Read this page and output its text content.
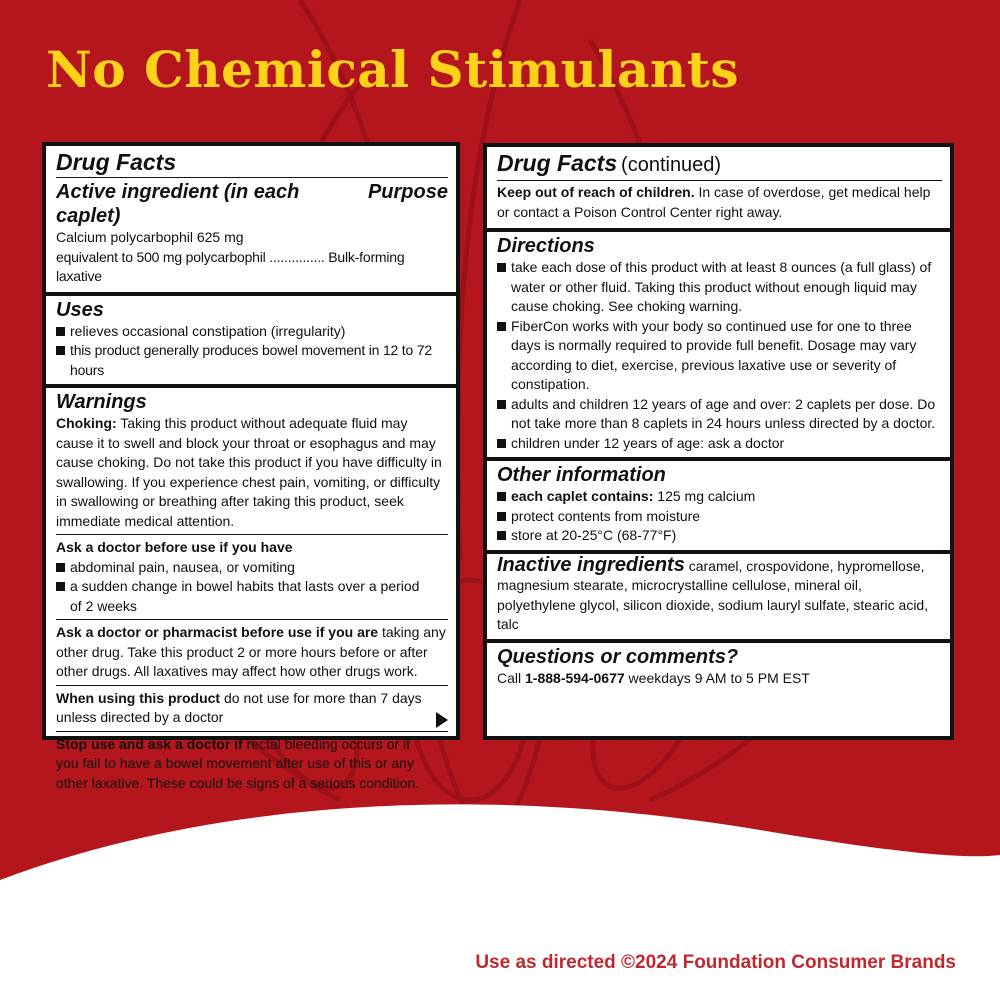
No Chemical Stimulants
Drug Facts
Active ingredient (in each caplet)
Purpose
Calcium polycarbophil 625 mg
equivalent to 500 mg polycarbophil ............... Bulk-forming laxative
Uses
relieves occasional constipation (irregularity)
this product generally produces bowel movement in 12 to 72 hours
Warnings
Choking: Taking this product without adequate fluid may cause it to swell and block your throat or esophagus and may cause choking. Do not take this product if you have difficulty in swallowing. If you experience chest pain, vomiting, or difficulty in swallowing or breathing after taking this product, seek immediate medical attention.
Ask a doctor before use if you have
abdominal pain, nausea, or vomiting
a sudden change in bowel habits that lasts over a period of 2 weeks
Ask a doctor or pharmacist before use if you are taking any other drug. Take this product 2 or more hours before or after other drugs. All laxatives may affect how other drugs work.
When using this product do not use for more than 7 days unless directed by a doctor
Stop use and ask a doctor if rectal bleeding occurs or if you fail to have a bowel movement after use of this or any other laxative. These could be signs of a serious condition.
Drug Facts (continued)
Keep out of reach of children. In case of overdose, get medical help or contact a Poison Control Center right away.
Directions
take each dose of this product with at least 8 ounces (a full glass) of water or other fluid. Taking this product without enough liquid may cause choking. See choking warning.
FiberCon works with your body so continued use for one to three days is normally required to provide full benefit. Dosage may vary according to diet, exercise, previous laxative use or severity of constipation.
adults and children 12 years of age and over: 2 caplets per dose. Do not take more than 8 caplets in 24 hours unless directed by a doctor.
children under 12 years of age: ask a doctor
Other information
each caplet contains: 125 mg calcium
protect contents from moisture
store at 20-25°C (68-77°F)
Inactive ingredients caramel, crospovidone, hypromellose, magnesium stearate, microcrystalline cellulose, mineral oil, polyethylene glycol, silicon dioxide, sodium lauryl sulfate, stearic acid, talc
Questions or comments?
Call 1-888-594-0677 weekdays 9 AM to 5 PM EST

Use as directed ©2024 Foundation Consumer Brands
